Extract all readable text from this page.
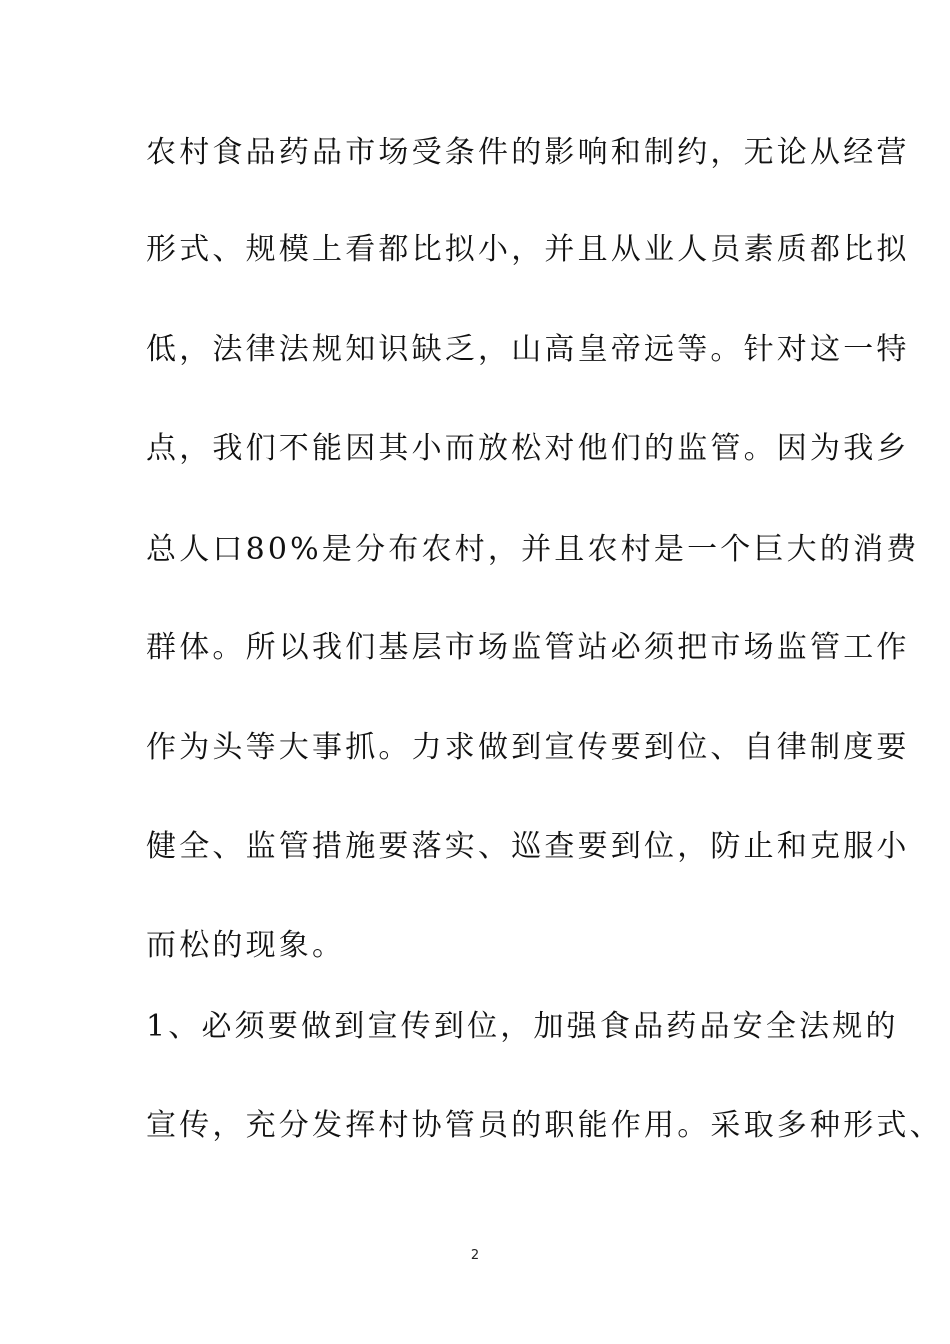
农村食品药品市场受条件的影响和制约，无论从经营
形式、规模上看都比拟小，并且从业人员素质都比拟
低，法律法规知识缺乏，山高皇帝远等。针对这一特
点，我们不能因其小而放松对他们的监管。因为我乡
总人口80%是分布农村，并且农村是一个巨大的消费
群体。所以我们基层市场监管站必须把市场监管工作
作为头等大事抓。力求做到宣传要到位、自律制度要
健全、监管措施要落实、巡查要到位，防止和克服小
而松的现象。
1、必须要做到宣传到位，加强食品药品安全法规的
宣传，充分发挥村协管员的职能作用。采取多种形式、
2
